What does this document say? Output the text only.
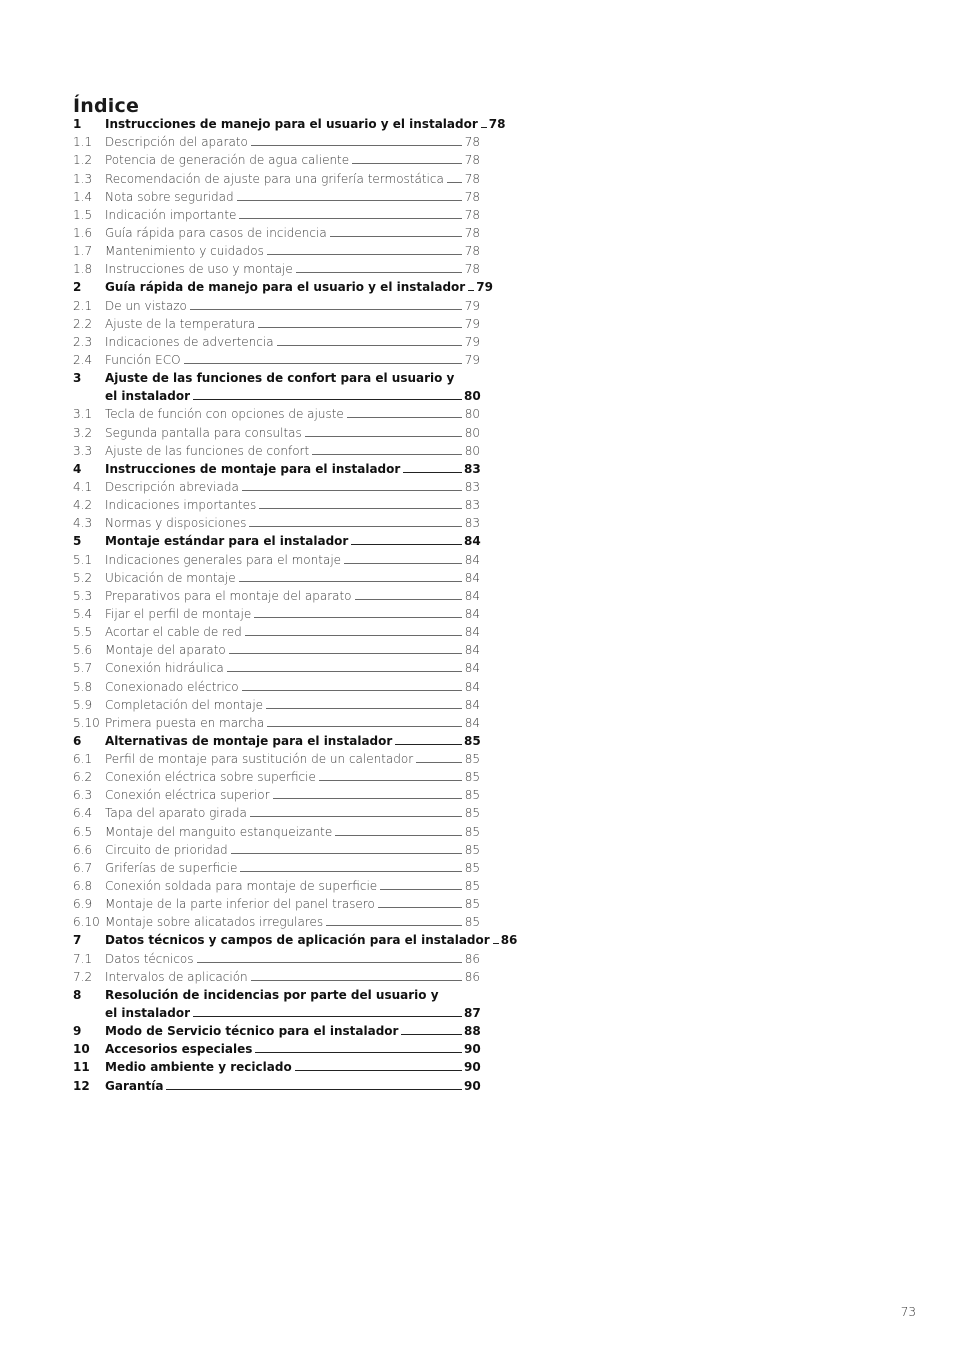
Índice
1	Instrucciones de manejo para el usuario y el instalador 78
1.1	Descripción del aparato	78
1.2	Potencia de generación de agua caliente	78
1.3	Recomendación de ajuste para una grifería termostática 78
1.4	Nota sobre seguridad	78
1.5	Indicación importante	78
1.6	Guía rápida para casos de incidencia	78
1.7	Mantenimiento y cuidados	78
1.8	Instrucciones de uso y montaje	78
2	Guía rápida de manejo para el usuario y el instalador 79
2.1	De un vistazo	79
2.2	Ajuste de la temperatura	79
2.3	Indicaciones de advertencia	79
2.4	Función ECO	79
3	Ajuste de las funciones de confort para el usuario y
el instalador	80
3.1	Tecla de función con opciones de ajuste	80
3.2	Segunda pantalla para consultas	80
3.3	Ajuste de las funciones de confort	80
4	Instrucciones de montaje para el instalador	83
4.1	Descripción abreviada	83
4.2	Indicaciones importantes	83
4.3	Normas y disposiciones	83
5	Montaje estándar para el instalador	84
5.1	Indicaciones generales para el montaje	84
5.2	Ubicación de montaje	84
5.3	Preparativos para el montaje del aparato	84
5.4	Fijar el perfil de montaje	84
5.5	Acortar el cable de red	84
5.6	Montaje del aparato	84
5.7	Conexión hidráulica	84
5.8	Conexionado eléctrico	84
5.9	Completación del montaje	84
5.10 Primera puesta en marcha	84
6	Alternativas de montaje para el instalador	85
6.1	Perfil de montaje para sustitución de un calentador	85
6.2	Conexión eléctrica sobre superficie	85
6.3	Conexión eléctrica superior	85
6.4	Tapa del aparato girada	85
6.5	Montaje del manguito estanqueizante	85
6.6	Circuito de prioridad	85
6.7	Griferías de superficie	85
6.8	Conexión soldada para montaje de superficie	85
6.9	Montaje de la parte inferior del panel trasero	85
6.10 Montaje sobre alicatados irregulares	85
7	Datos técnicos y campos de aplicación para el instalador 86
7.1	Datos técnicos	86
7.2	Intervalos de aplicación	86
8	Resolución de incidencias por parte del usuario y
el instalador	87
9	Modo de Servicio técnico para el instalador	88
10	Accesorios especiales	90
11	Medio ambiente y reciclado	90
12	Garantía	90
73
